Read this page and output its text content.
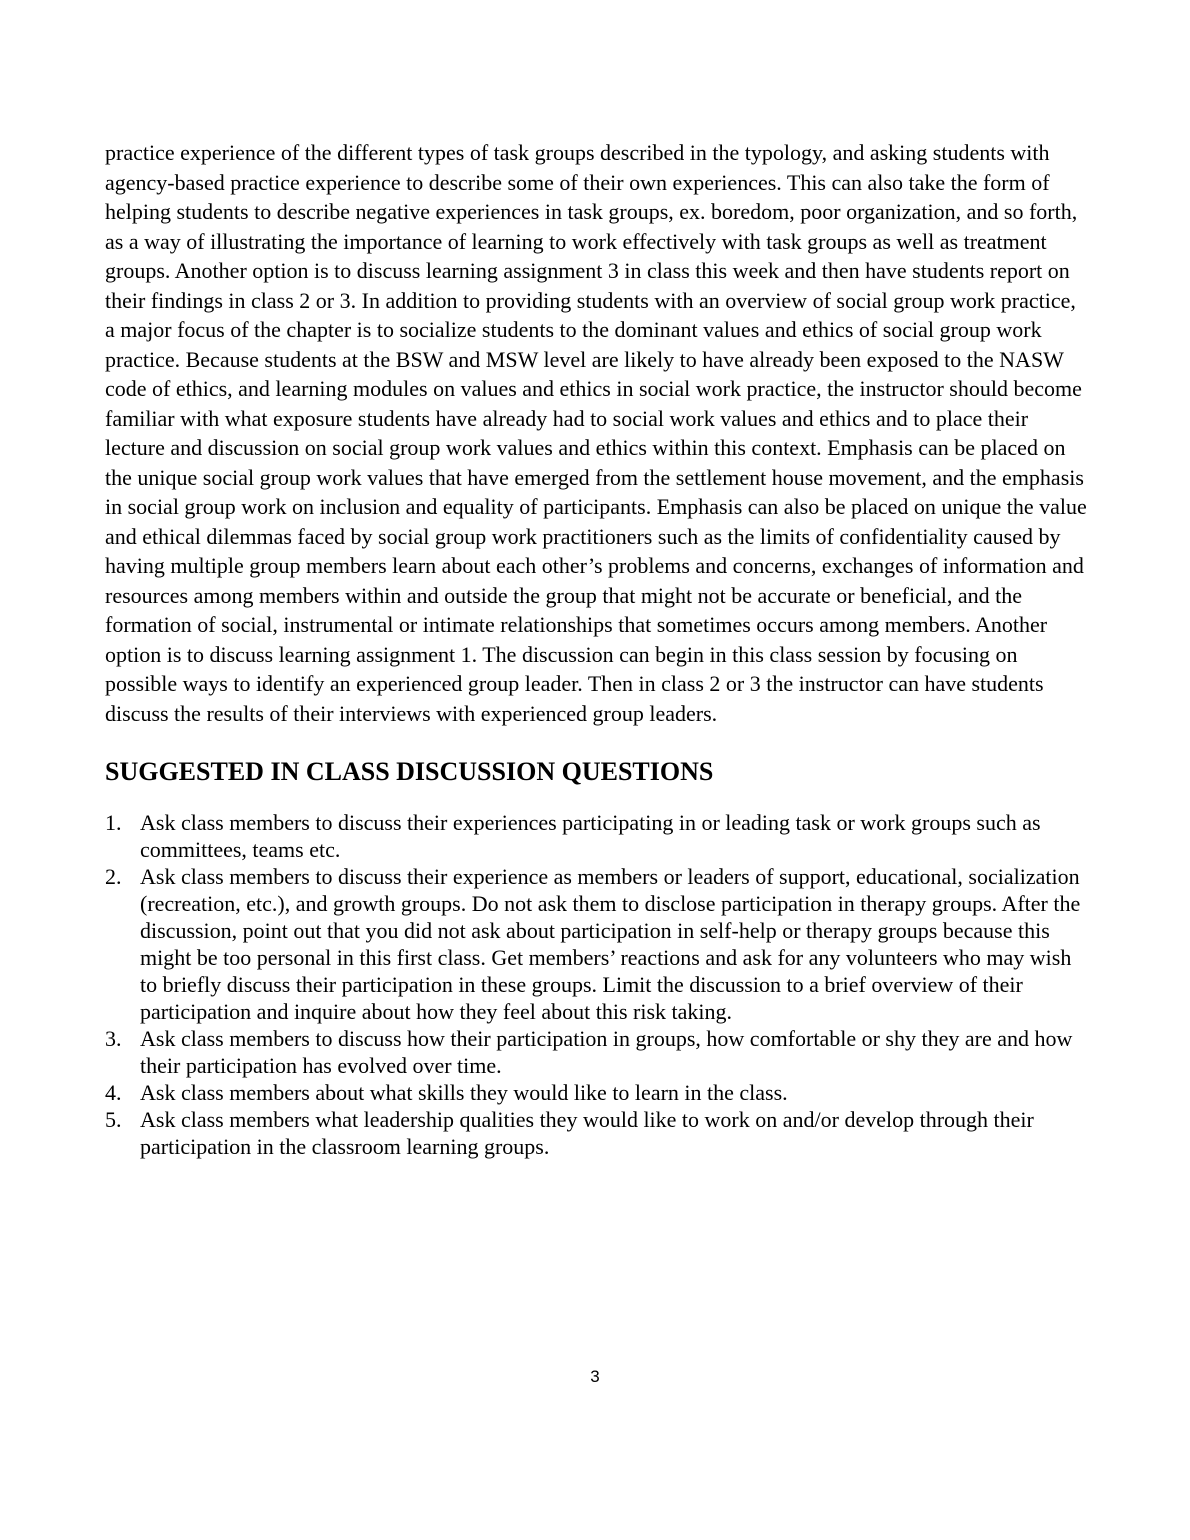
practice experience of the different types of task groups described in the typology, and asking students with agency-based practice experience to describe some of their own experiences. This can also take the form of helping students to describe negative experiences in task groups, ex. boredom, poor organization, and so forth, as a way of illustrating the importance of learning to work effectively with task groups as well as treatment groups. Another option is to discuss learning assignment 3 in class this week and then have students report on their findings in class 2 or 3. In addition to providing students with an overview of social group work practice, a major focus of the chapter is to socialize students to the dominant values and ethics of social group work practice. Because students at the BSW and MSW level are likely to have already been exposed to the NASW code of ethics, and learning modules on values and ethics in social work practice, the instructor should become familiar with what exposure students have already had to social work values and ethics and to place their lecture and discussion on social group work values and ethics within this context. Emphasis can be placed on the unique social group work values that have emerged from the settlement house movement, and the emphasis in social group work on inclusion and equality of participants. Emphasis can also be placed on unique the value and ethical dilemmas faced by social group work practitioners such as the limits of confidentiality caused by having multiple group members learn about each other’s problems and concerns, exchanges of information and resources among members within and outside the group that might not be accurate or beneficial, and the formation of social, instrumental or intimate relationships that sometimes occurs among members. Another option is to discuss learning assignment 1. The discussion can begin in this class session by focusing on possible ways to identify an experienced group leader. Then in class 2 or 3 the instructor can have students discuss the results of their interviews with experienced group leaders.

SUGGESTED IN CLASS DISCUSSION QUESTIONS
1. Ask class members to discuss their experiences participating in or leading task or work groups such as committees, teams etc.
2. Ask class members to discuss their experience as members or leaders of support, educational, socialization (recreation, etc.), and growth groups. Do not ask them to disclose participation in therapy groups. After the discussion, point out that you did not ask about participation in self-help or therapy groups because this might be too personal in this first class. Get members’ reactions and ask for any volunteers who may wish to briefly discuss their participation in these groups. Limit the discussion to a brief overview of their participation and inquire about how they feel about this risk taking.
3. Ask class members to discuss how their participation in groups, how comfortable or shy they are and how their participation has evolved over time.
4. Ask class members about what skills they would like to learn in the class.
5. Ask class members what leadership qualities they would like to work on and/or develop through their participation in the classroom learning groups.
3
